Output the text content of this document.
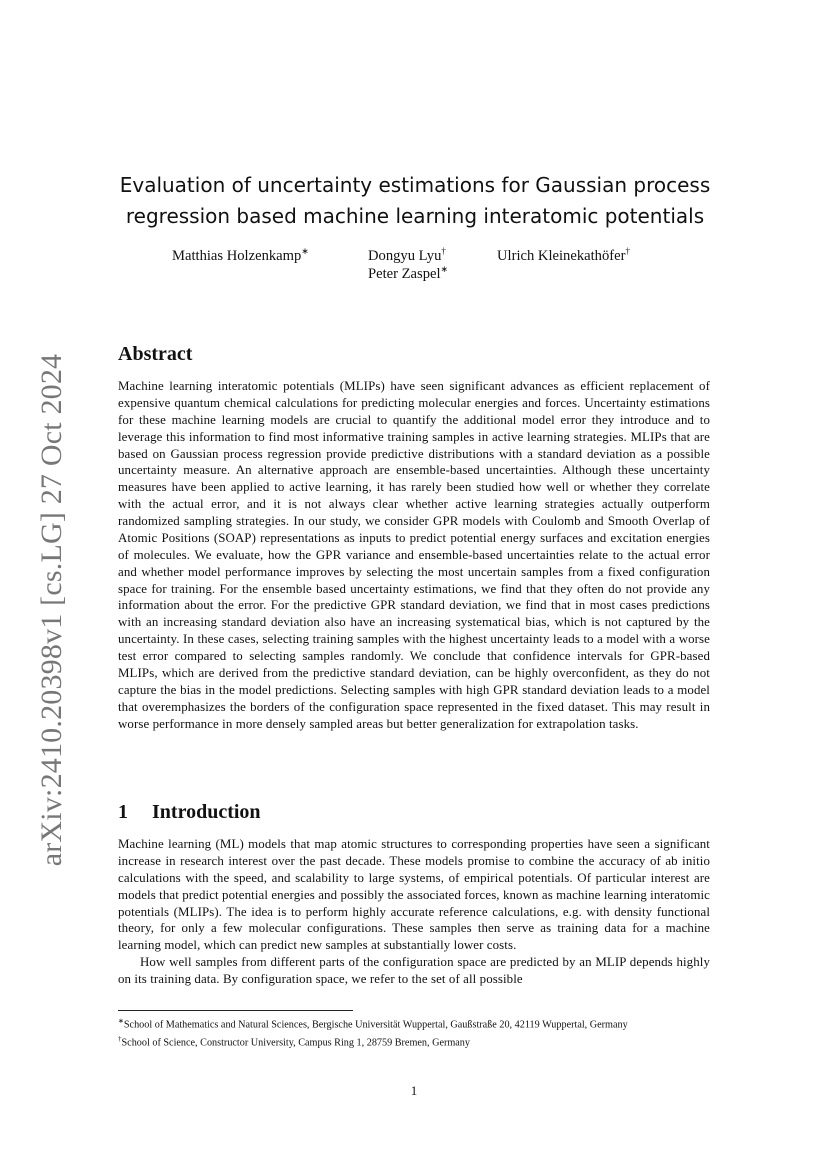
arXiv:2410.20398v1 [cs.LG] 27 Oct 2024
Evaluation of uncertainty estimations for Gaussian process
regression based machine learning interatomic potentials
Matthias Holzenkamp∗	Dongyu Lyu†	Ulrich Kleinekathöfer†
Peter Zaspel∗
Abstract

Machine learning interatomic potentials (MLIPs) have seen significant advances as efficient replacement of expensive quantum chemical calculations for predicting molecular energies and forces. Uncertainty estimations for these machine learning models are crucial to quantify the additional model error they introduce and to leverage this information to find most informative training samples in active learning strategies. MLIPs that are based on Gaussian process regression provide predictive distributions with a standard deviation as a possible uncertainty measure. An alternative approach are ensemble-based uncertainties. Although these uncertainty measures have been applied to active learning, it has rarely been studied how well or whether they correlate with the actual error, and it is not always clear whether active learning strategies actually outperform randomized sampling strategies. In our study, we consider GPR models with Coulomb and Smooth Overlap of Atomic Positions (SOAP) representations as inputs to predict potential energy surfaces and excitation energies of molecules. We evaluate, how the GPR variance and ensemble-based uncertainties relate to the actual error and whether model performance improves by selecting the most uncertain samples from a fixed configuration space for training. For the ensemble based uncertainty estimations, we find that they often do not provide any information about the error. For the predictive GPR standard deviation, we find that in most cases predictions with an increasing standard deviation also have an increasing systematical bias, which is not captured by the uncertainty. In these cases, selecting training samples with the highest uncertainty leads to a model with a worse test error compared to selecting samples randomly. We conclude that confidence intervals for GPR-based MLIPs, which are derived from the predictive standard deviation, can be highly overconfident, as they do not capture the bias in the model predictions. Selecting samples with high GPR standard deviation leads to a model that overemphasizes the borders of the configuration space represented in the fixed dataset. This may result in worse performance in more densely sampled areas but better generalization for extrapolation tasks.

1 Introduction

Machine learning (ML) models that map atomic structures to corresponding properties have seen a significant increase in research interest over the past decade. These models promise to combine the accuracy of ab initio calculations with the speed, and scalability to large systems, of empirical potentials. Of particular interest are models that predict potential energies and possibly the associated forces, known as machine learning interatomic potentials (MLIPs). The idea is to perform highly accurate reference calculations, e.g. with density functional theory, for only a few molecular configurations. These samples then serve as training data for a machine learning model, which can predict new samples at substantially lower costs.

How well samples from different parts of the configuration space are predicted by an MLIP depends highly on its training data. By configuration space, we refer to the set of all possible

∗School of Mathematics and Natural Sciences, Bergische Universität Wuppertal, Gaußstraße 20, 42119 Wuppertal, Germany

†School of Science, Constructor University, Campus Ring 1, 28759 Bremen, Germany

1
